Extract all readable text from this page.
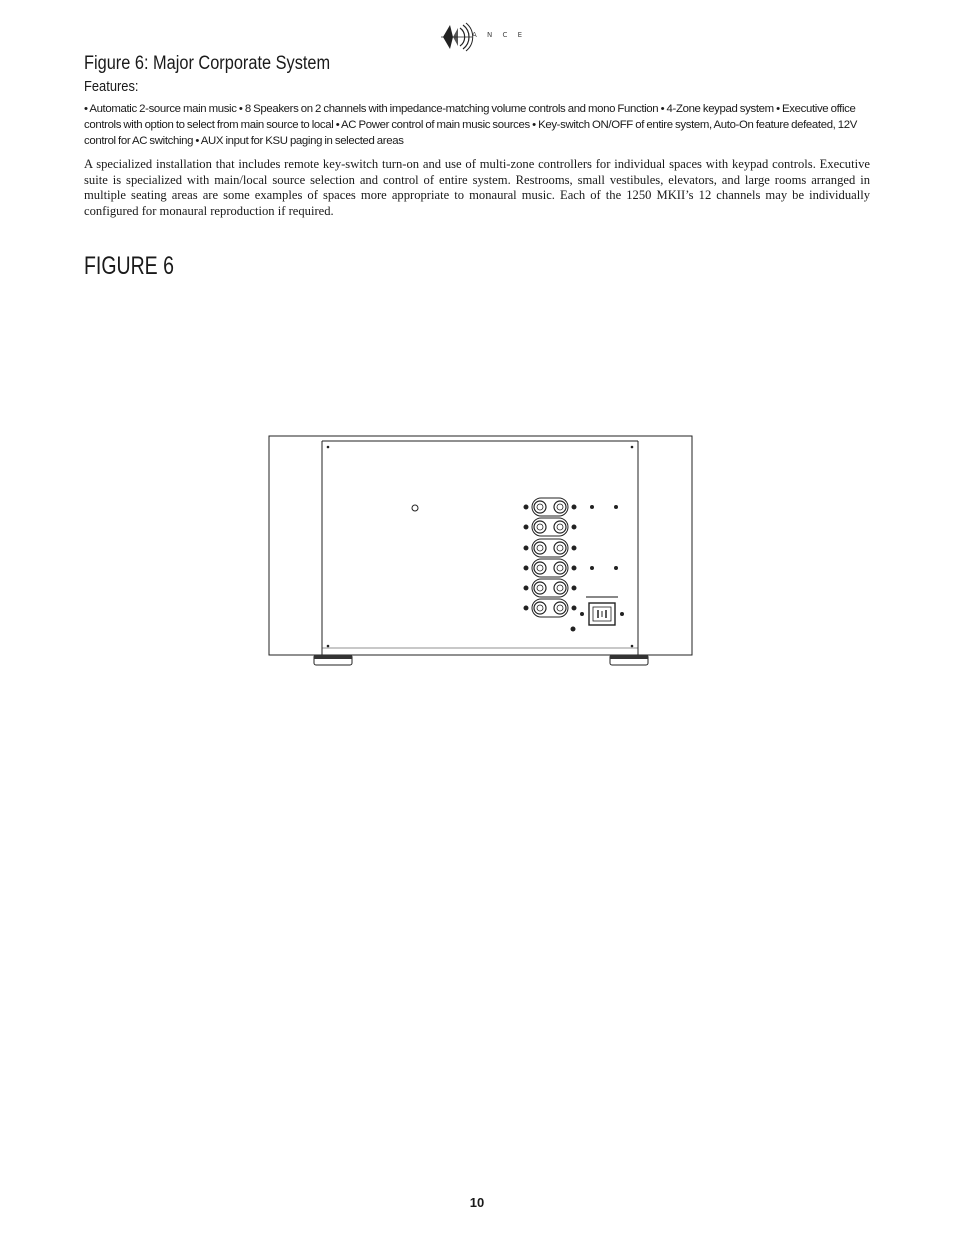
A N C E
Figure 6: Major Corporate System
Features:
• Automatic 2-source main music • 8 Speakers on 2 channels with impedance-matching volume controls and mono Function • 4-Zone keypad system • Executive office controls with option to select from main source to local • AC Power control of main music sources • Key-switch ON/OFF of entire system, Auto-On feature defeated, 12V control for AC switching • AUX input for KSU paging in selected areas
A specialized installation that includes remote key-switch turn-on and use of multi-zone controllers for individual spaces with keypad controls. Executive suite is specialized with main/local source selection and control of entire system. Restrooms, small vestibules, elevators, and large rooms arranged in multiple seating areas are some examples of spaces more appropriate to monaural music. Each of the 1250 MKII’s 12 channels may be individually configured for monaural reproduction if required.
FIGURE 6
10
